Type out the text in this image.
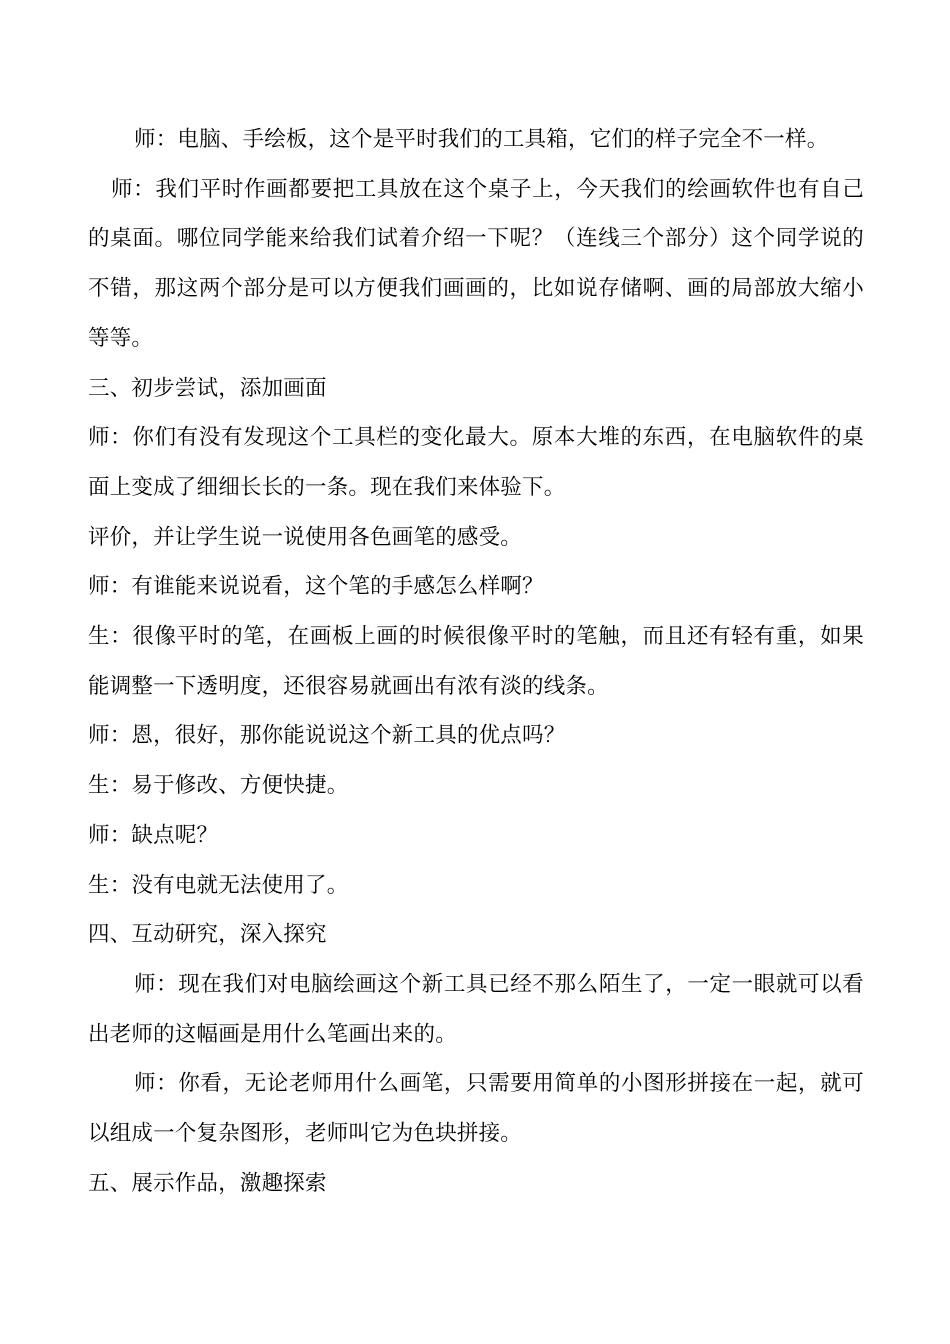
师：电脑、手绘板，这个是平时我们的工具箱，它们的样子完全不一样。

师：我们平时作画都要把工具放在这个桌子上，今天我们的绘画软件也有自己的桌面。哪位同学能来给我们试着介绍一下呢？（连线三个部分）这个同学说的不错，那这两个部分是可以方便我们画画的，比如说存储啊、画的局部放大缩小等等。

三、初步尝试，添加画面

师：你们有没有发现这个工具栏的变化最大。原本大堆的东西，在电脑软件的桌面上变成了细细长长的一条。现在我们来体验下。

评价，并让学生说一说使用各色画笔的感受。

师：有谁能来说说看，这个笔的手感怎么样啊？

生：很像平时的笔，在画板上画的时候很像平时的笔触，而且还有轻有重，如果能调整一下透明度，还很容易就画出有浓有淡的线条。

师：恩，很好，那你能说说这个新工具的优点吗？

生：易于修改、方便快捷。

师：缺点呢？

生：没有电就无法使用了。

四、互动研究，深入探究

师：现在我们对电脑绘画这个新工具已经不那么陌生了，一定一眼就可以看出老师的这幅画是用什么笔画出来的。

师：你看，无论老师用什么画笔，只需要用简单的小图形拼接在一起，就可以组成一个复杂图形，老师叫它为色块拼接。

五、展示作品，激趣探索
